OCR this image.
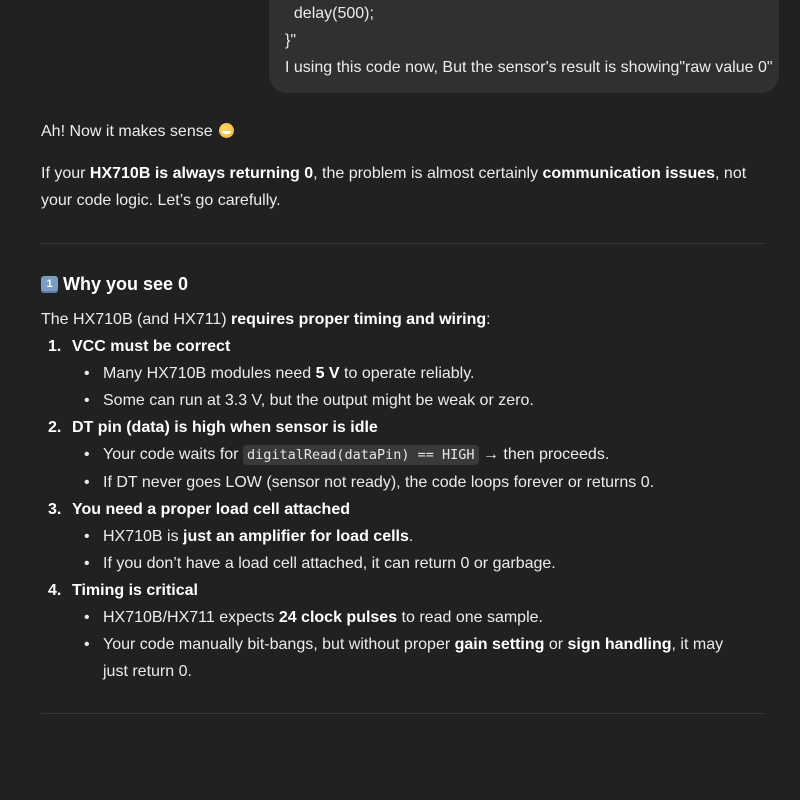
delay(500);
}"
I using this code now, But the sensor's result is showing"raw value 0"

Ah! Now it makes sense

If your HX710B is always returning 0, the problem is almost certainly communication issues, not your code logic. Let’s go carefully.

1 Why you see 0

The HX710B (and HX711) requires proper timing and wiring:

1. VCC must be correct
• Many HX710B modules need 5 V to operate reliably.
• Some can run at 3.3 V, but the output might be weak or zero.
2. DT pin (data) is high when sensor is idle
• Your code waits for digitalRead(dataPin) == HIGH → then proceeds.
• If DT never goes LOW (sensor not ready), the code loops forever or returns 0.
3. You need a proper load cell attached
• HX710B is just an amplifier for load cells.
• If you don’t have a load cell attached, it can return 0 or garbage.
4. Timing is critical
• HX710B/HX711 expects 24 clock pulses to read one sample.
• Your code manually bit-bangs, but without proper gain setting or sign handling, it may just return 0.
